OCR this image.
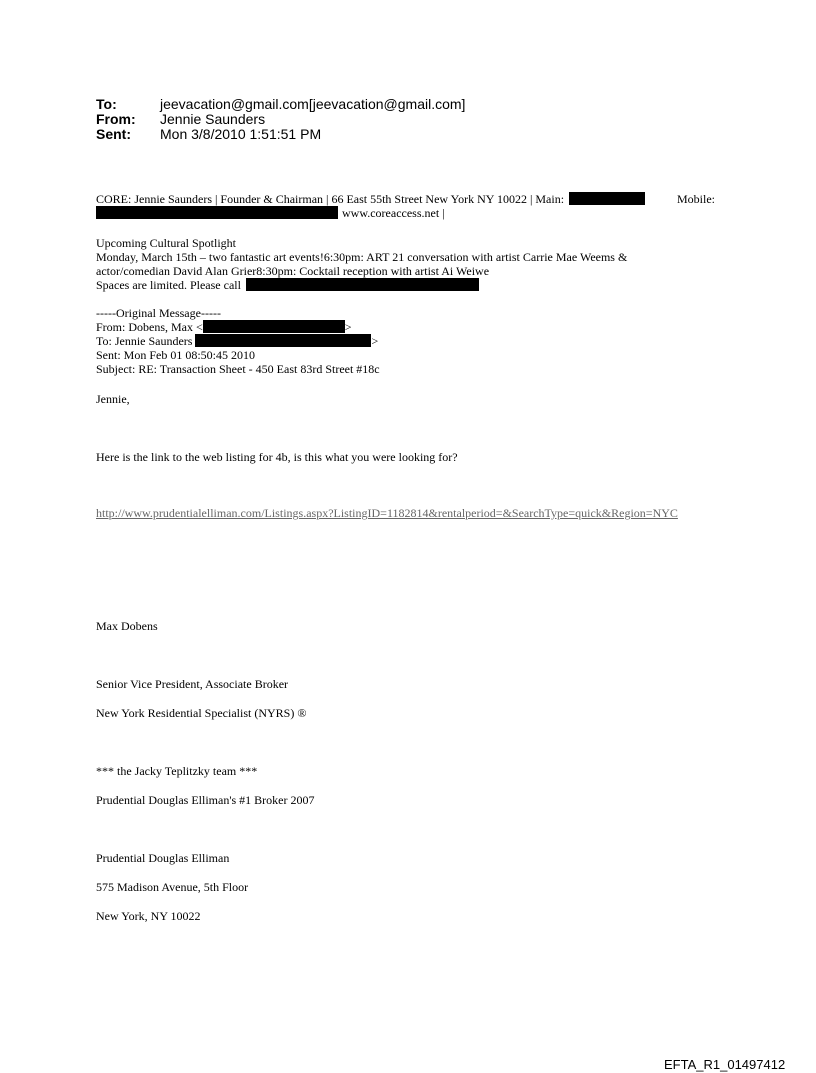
To:	jeevacation@gmail.com[jeevacation@gmail.com]
From:	Jennie Saunders
Sent:	Mon 3/8/2010 1:51:51 PM
CORE: Jennie Saunders | Founder & Chairman | 66 East 55th Street New York NY 10022 | Main:	Mobile:
www.coreaccess.net |
Upcoming Cultural Spotlight
Monday, March 15th – two fantastic art events!6:30pm: ART 21 conversation with artist Carrie Mae Weems &
actor/comedian David Alan Grier8:30pm: Cocktail reception with artist Ai Weiwe
Spaces are limited. Please call
-----Original Message-----
From: Dobens, Max <	>
To: Jennie Saunders	>
Sent: Mon Feb 01 08:50:45 2010
Subject: RE: Transaction Sheet - 450 East 83rd Street #18c
Jennie,
Here is the link to the web listing for 4b, is this what you were looking for?
http://www.prudentialelliman.com/Listings.aspx?ListingID=1182814&rentalperiod=&SearchType=quick&Region=NYC
Max Dobens
Senior Vice President, Associate Broker
New York Residential Specialist (NYRS) ®
*** the Jacky Teplitzky team ***
Prudential Douglas Elliman's #1 Broker 2007
Prudential Douglas Elliman
575 Madison Avenue, 5th Floor
New York, NY 10022
EFTA_R1_01497412
